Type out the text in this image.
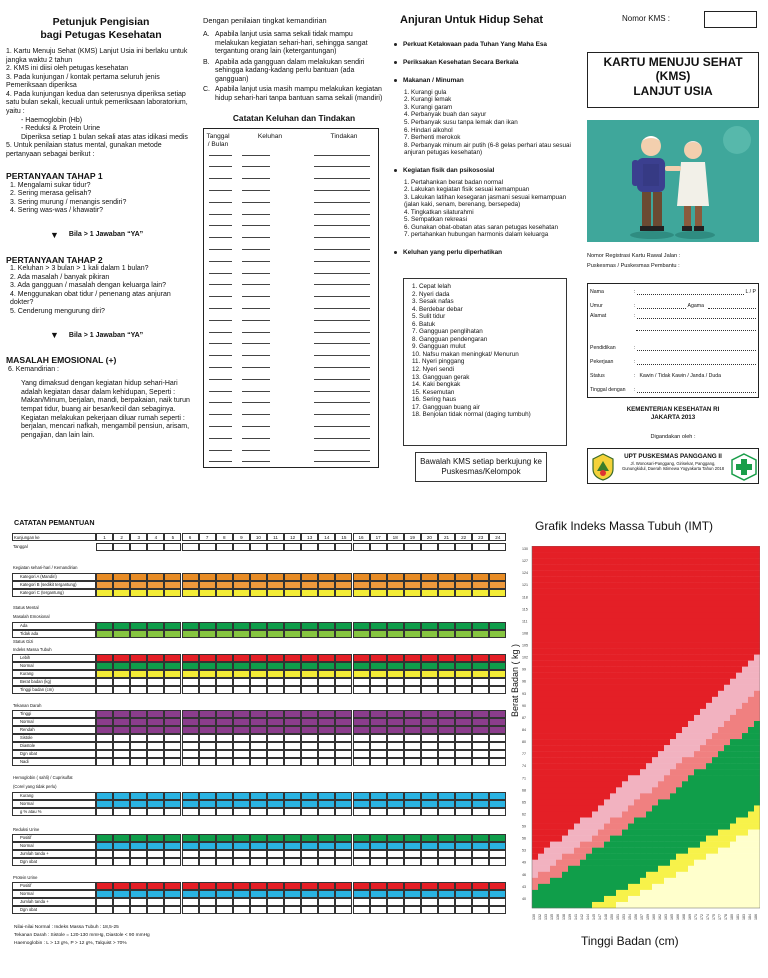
Petunjuk Pengisian
bagi Petugas Kesehatan
1. Kartu Menuju Sehat (KMS) Lanjut Usia ini berlaku untuk jangka waktu 2 tahun
2. KMS ini diisi oleh petugas kesehatan
3. Pada kunjungan / kontak pertama seluruh jenis Pemeriksaan diperiksa
4. Pada kunjungan kedua dan seterusnya diperiksa setiap satu bulan sekali, kecuali untuk pemeriksaan laboratorium, yaitu :
- Haemoglobin (Hb)
- Reduksi & Protein Urine
Diperiksa setiap 1 bulan sekali atas atas idikasi medis
5. Untuk penilaian status mental, gunakan metode pertanyaan sebagai berikut :
PERTANYAAN TAHAP 1
1. Mengalami sukar tidur?
2. Sering merasa gelisah?
3. Sering murung / menangis sendiri?
4. Sering was-was / khawatir?
▼ Bila > 1 Jawaban “YA”
PERTANYAAN TAHAP 2
1. Keluhan > 3 bulan > 1 kali dalam 1 bulan?
2. Ada masalah / banyak pikiran
3. Ada gangguan / masalah dengan keluarga lain?
4. Menggunakan obat tidur / penenang atas anjuran dokter?
5. Cenderung mengurung diri?
▼ Bila > 1 Jawaban “YA”
MASALAH EMOSIONAL (+)
6. Kemandirian :
Yang dimaksud dengan kegiatan hidup sehari-Hari adalah kegiatan dasar dalam kehidupan, Seperti :
Makan/Minum, berjalan, mandi, berpakaian, naik turun tempat tidur, buang air besar/kecil dan sebaginya.
Kegiatan melakukan pekerjaan diluar rumah seperti :
berjalan, mencari nafkah, mengambil pensiun, arisam, pengajian, dan lain lain.
Dengan penilaian tingkat kemandirian
A. Apabila lanjut usia sama sekali tidak mampu melakukan kegiatan sehari-hari, sehingga sangat tergantung orang lain (ketergantungan)
B. Apabila ada gangguan dalam melakukan sendiri sehingga kadang-kadang perlu bantuan (ada gangguan)
C. Apabila lanjut usia masih mampu melakukan kegiatan hidup sehari-hari tanpa bantuan sama sekali (mandiri)
Catatan Keluhan dan Tindakan
Tanggal / Bulan
Keluhan	Tindakan
Anjuran Untuk Hidup Sehat
Perkuat Ketakwaan pada Tuhan Yang Maha Esa
Periksakan Kesehatan Secara Berkala
Makanan / Minuman
1. Kurangi gula
2. Kurangi lemak
3. Kurangi garam
4. Perbanyak buah dan sayur
5. Perbanyak susu tanpa lemak dan ikan
6. Hindari alkohol
7. Berhenti merokok
8. Perbanyak minum air putih (6-8 gelas perhari atau sesuai anjuran petugas kesehatan)
Kegiatan fisik dan psikososial
1. Pertahankan berat badan normal
2. Lakukan kegiatan fisik sesuai kemampuan
3. Lakukan latihan kesegaran jasmani sesuai kemampuan (jalan kaki, senam, berenang, bersepeda)
4. Tingkatkan silaturahmi
5. Sempatkan rekreasi
6. Gunakan obat-obatan atas saran petugas kesehatan
7. pertahankan hubungan harmonis dalam keluarga
Keluhan yang perlu diperhatikan
1. Cepat lelah
2. Nyeri dada
3. Sesak nafas
4. Berdebar debar
5. Sulit tidur
6. Batuk
7. Gangguan penglihatan
8. Gangguan pendengaran
9. Gangguan mulut
10. Nafsu makan meningkat/ Menurun
11. Nyeri pinggang
12. Nyeri sendi
13. Gangguan gerak
14. Kaki bengkak
15. Kesemutan
16. Sering haus
17. Gangguan buang air
18. Benjolan tidak normal (daging tumbuh)
Bawalah KMS setiap berkujung ke Puskesmas/Kelompok
Nomor KMS :
KARTU MENUJU SEHAT
(KMS)
LANJUT USIA
Nomor Registrasi Kartu Rawal Jalan :
Puskesmas / Puskesmas Pembantu :
Nama	:	L / P
Umur	:	Agama
Alamat	:
Pendidikan	:
Pekerjaan	:
Status	: Kawin / Tidak Kawin / Janda / Duda
Tinggal dengan	:
KEMENTERIAN KESEHATAN RI
JAKARTA 2013
Digandakan oleh :
UPT PUSKESMAS PANGGANG II
Jl. Wonosari-Panggang, Girisekar, Panggang, Gunungkidul, Daerah Istimewa Yogyakarta Tahun 2018
CATATAN PEMANTUAN
Kunjungan ke	1	2	3	4	5	6	7	8	9	10	11	12	13	14	15	16	17	18	19	20	21	22	23	24
Tanggal
Kegiatan sehari-hari / Kemandirian
Kategori A (Mandiri)
Kategori B (sedikit tergantung)
Kategori C (tergantung)
Status Mental
Masalah Emosional
Ada
Tidak ada
Status Gizi
Indeks Massa Tubuh
Lebih
Normal
Kurang
Berat badan (kg)
Tinggi badan (cm)
Tekanan Darah
Tinggi
Normal
Rendah
Sistole
Diastole
Dgn obat
Nadi
Hemoglobin ( sahli) / Cuprisulfat
(Corel yang tidak perlu)
Kurang
Normal
g % atau %
Reduksi Urine
Positif
Normal
Jumlah tanda +
Dgn obat
Protein Urine
Positif
Normal
Jumlah tanda +
Dgn obat
Nilai-nilai Normal : Indeks Massa Tubuh : 18,5-25
Tekanan Darah : Sistole = 120-130 mmHg, Diastole < 90 mmHg
Haemoglobin : L > 13 g%, P > 12 g%, Talquist > 70%
Grafik Indeks Massa Tubuh (IMT)
Berat Badan ( kg )
130
127
124
121
118
115
111
108
105
102
99
96
93
90
87
84
80
77
74
71
68
65
62
59
56
53
49
46
43
40
130 132 133 135 136 138 139 141 142 144 145 147 148 150 151 153 154 156 157 159 160 162 163 165 166 168 169 171 172 174 175 177 178 180 181 183 184 186
Tinggi Badan (cm)
